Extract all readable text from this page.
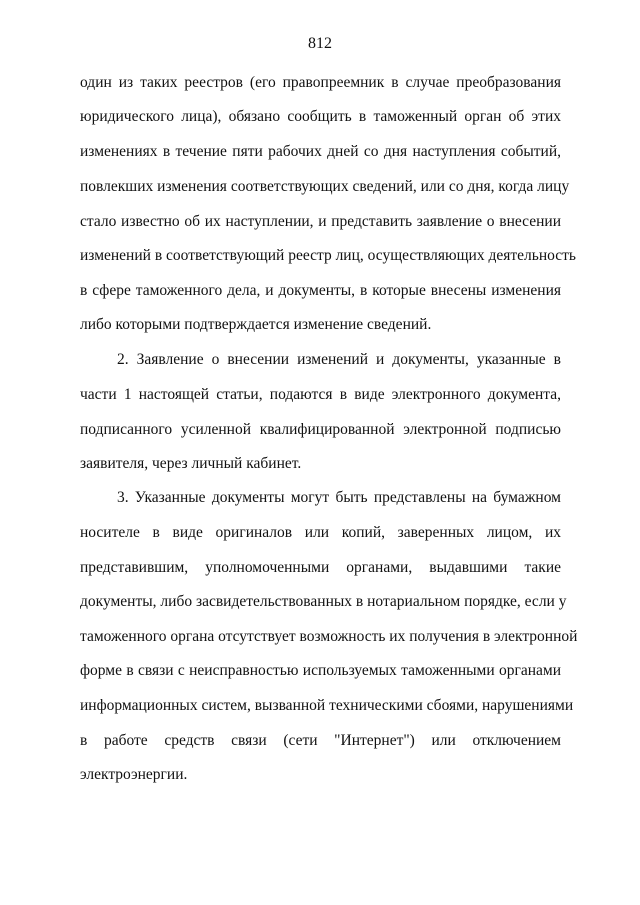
812
один из таких реестров (его правопреемник в случае преобразования
юридического лица), обязано сообщить в таможенный орган об этих
изменениях в течение пяти рабочих дней со дня наступления событий,
повлекших изменения соответствующих сведений, или со дня, когда лицу
стало известно об их наступлении, и представить заявление о внесении
изменений в соответствующий реестр лиц, осуществляющих деятельность
в сфере таможенного дела, и документы, в которые внесены изменения
либо которыми подтверждается изменение сведений.
2. Заявление о внесении изменений и документы, указанные в
части 1 настоящей статьи, подаются в виде электронного документа,
подписанного усиленной квалифицированной электронной подписью
заявителя, через личный кабинет.
3. Указанные документы могут быть представлены на бумажном
носителе в виде оригиналов или копий, заверенных лицом, их
представившим, уполномоченными органами, выдавшими такие
документы, либо засвидетельствованных в нотариальном порядке, если у
таможенного органа отсутствует возможность их получения в электронной
форме в связи с неисправностью используемых таможенными органами
информационных систем, вызванной техническими сбоями, нарушениями
в работе средств связи (сети "Интернет") или отключением
электроэнергии.
